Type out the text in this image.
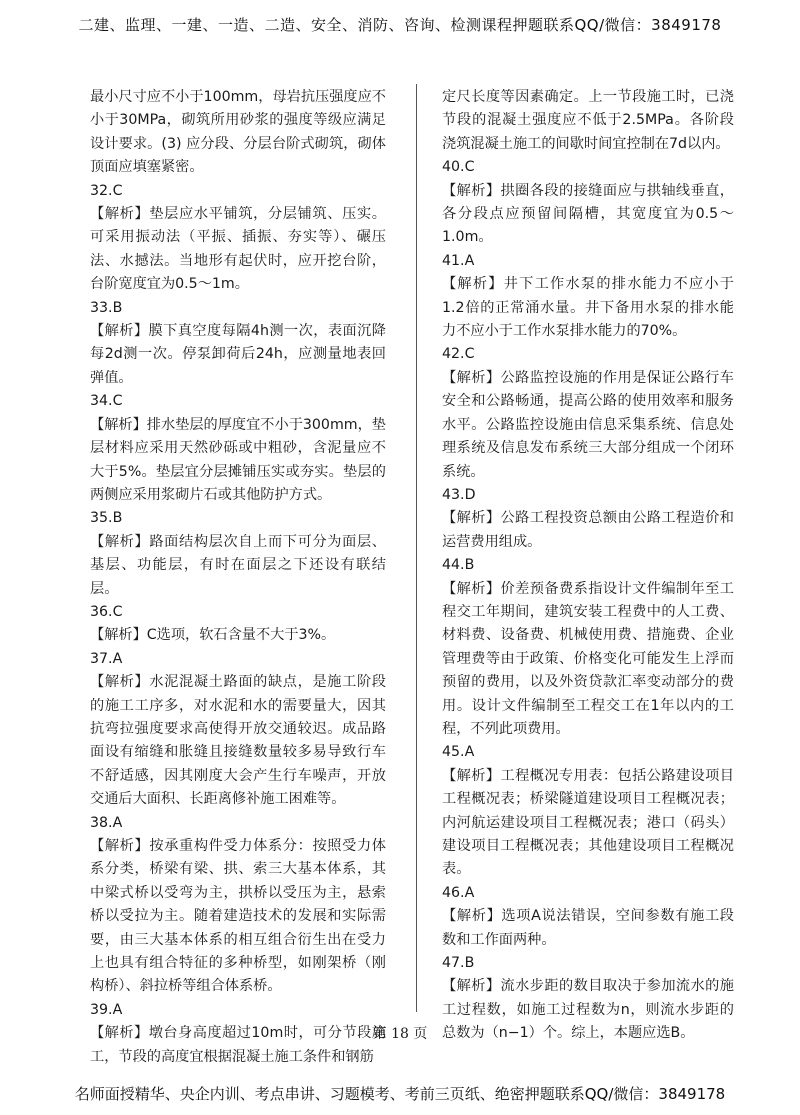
二建、监理、一建、一造、二造、安全、消防、咨询、检测课程押题联系QQ/微信：3849178
最小尺寸应不小于100mm，母岩抗压强度应不小于30MPa，砌筑所用砂浆的强度等级应满足设计要求。(3) 应分段、分层台阶式砌筑，砌体顶面应填塞紧密。
32.C
【解析】垫层应水平铺筑，分层铺筑、压实。可采用振动法（平振、插振、夯实等）、碾压法、水撼法。当地形有起伏时，应开挖台阶，台阶宽度宜为0.5～1m。
33.B
【解析】膜下真空度每隔4h测一次，表面沉降每2d测一次。停泵卸荷后24h，应测量地表回弹值。
34.C
【解析】排水垫层的厚度宜不小于300mm，垫层材料应采用天然砂砾或中粗砂，含泥量应不大于5%。垫层宜分层摊铺压实或夯实。垫层的两侧应采用浆砌片石或其他防护方式。
35.B
【解析】路面结构层次自上而下可分为面层、基层、功能层，有时在面层之下还设有联结层。
36.C
【解析】C选项，软石含量不大于3%。
37.A
【解析】水泥混凝土路面的缺点，是施工阶段的施工工序多，对水泥和水的需要量大，因其抗弯拉强度要求高使得开放交通较迟。成品路面设有缩缝和胀缝且接缝数量较多易导致行车不舒适感，因其刚度大会产生行车噪声，开放交通后大面积、长距离修补施工困难等。
38.A
【解析】按承重构件受力体系分：按照受力体系分类，桥梁有梁、拱、索三大基本体系，其中梁式桥以受弯为主，拱桥以受压为主，悬索桥以受拉为主。随着建造技术的发展和实际需要，由三大基本体系的相互组合衍生出在受力上也具有组合特征的多种桥型，如刚架桥（刚构桥）、斜拉桥等组合体系桥。
39.A
【解析】墩台身高度超过10m时，可分节段施工，节段的高度宜根据混凝土施工条件和钢筋
定尺长度等因素确定。上一节段施工时，已浇节段的混凝土强度应不低于2.5MPa。各阶段浇筑混凝土施工的间歇时间宜控制在7d以内。
40.C
【解析】拱圈各段的接缝面应与拱轴线垂直，各分段点应预留间隔槽，其宽度宜为0.5～1.0m。
41.A
【解析】井下工作水泵的排水能力不应小于1.2倍的正常涌水量。井下备用水泵的排水能力不应小于工作水泵排水能力的70%。
42.C
【解析】公路监控设施的作用是保证公路行车安全和公路畅通，提高公路的使用效率和服务水平。公路监控设施由信息采集系统、信息处理系统及信息发布系统三大部分组成一个闭环系统。
43.D
【解析】公路工程投资总额由公路工程造价和运营费用组成。
44.B
【解析】价差预备费系指设计文件编制年至工程交工年期间，建筑安装工程费中的人工费、材料费、设备费、机械使用费、措施费、企业管理费等由于政策、价格变化可能发生上浮而预留的费用，以及外资贷款汇率变动部分的费用。设计文件编制至工程交工在1年以内的工程，不列此项费用。
45.A
【解析】工程概况专用表：包括公路建设项目工程概况表；桥梁隧道建设项目工程概况表；内河航运建设项目工程概况表；港口（码头）建设项目工程概况表；其他建设项目工程概况表。
46.A
【解析】选项A说法错误，空间参数有施工段数和工作面两种。
47.B
【解析】流水步距的数目取决于参加流水的施工过程数，如施工过程数为n，则流水步距的总数为（n−1）个。综上，本题应选B。
第 18 页
名师面授精华、央企内训、考点串讲、习题模考、考前三页纸、绝密押题联系QQ/微信：3849178
